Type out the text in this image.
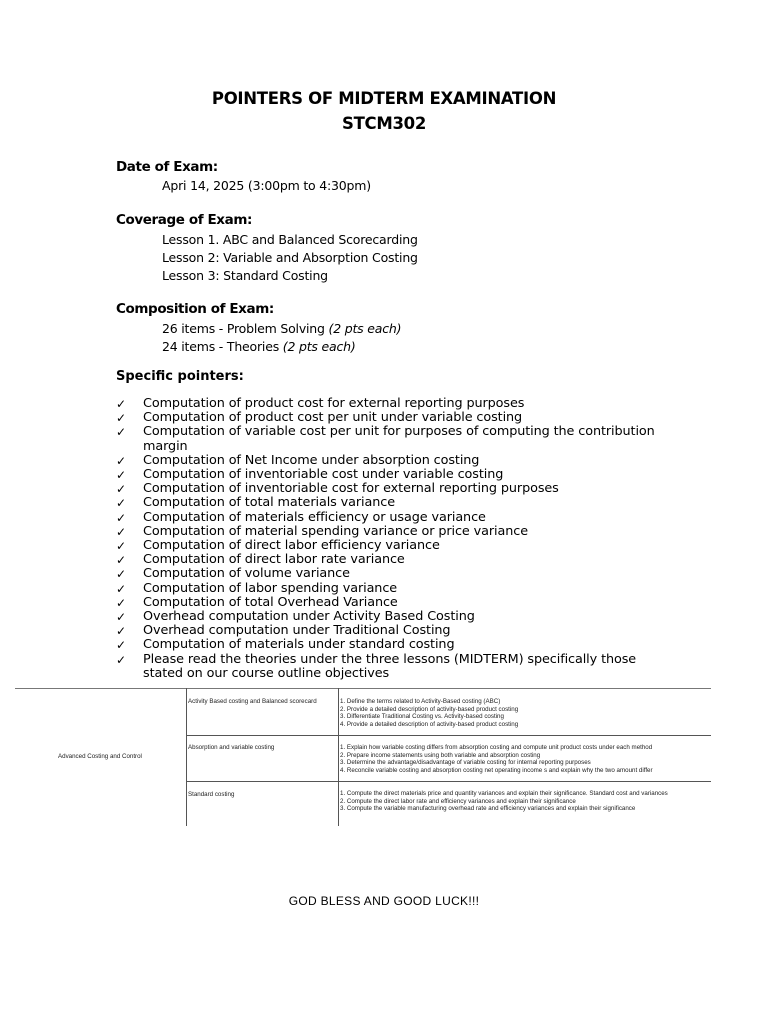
POINTERS OF MIDTERM EXAMINATION
STCM302
Date of Exam:
Apri 14, 2025 (3:00pm to 4:30pm)
Coverage of Exam:
Lesson 1. ABC and Balanced Scorecarding
Lesson 2: Variable and Absorption Costing
Lesson 3: Standard Costing
Composition of Exam:
26 items - Problem Solving (2 pts each)
24 items - Theories (2 pts each)
Specific pointers:
✓ Computation of product cost for external reporting purposes
✓ Computation of product cost per unit under variable costing
✓ Computation of variable cost per unit for purposes of computing the contribution margin
✓ Computation of Net Income under absorption costing
✓ Computation of inventoriable cost under variable costing
✓ Computation of inventoriable cost for external reporting purposes
✓ Computation of total materials variance
✓ Computation of materials efficiency or usage variance
✓ Computation of material spending variance or price variance
✓ Computation of direct labor efficiency variance
✓ Computation of direct labor rate variance
✓ Computation of volume variance
✓ Computation of labor spending variance
✓ Computation of total Overhead Variance
✓ Overhead computation under Activity Based Costing
✓ Overhead computation under Traditional Costing
✓ Computation of materials under standard costing
✓ Please read the theories under the three lessons (MIDTERM) specifically those stated on our course outline objectives
Advanced Costing and Control
Activity Based costing and Balanced scorecard
Absorption and variable costing
Standard costing
1. Define the terms related to Activity-Based costing (ABC)
2. Provide a detailed description of activity-based product costing
3. Differentiate Traditional Costing vs. Activity-based costing
4. Provide a detailed description of activity-based product costing
1. Explain how variable costing differs from absorption costing and compute unit product costs under each method
2. Prepare income statements using both variable and absorption costing
3. Determine the advantage/disadvantage of variable costing for internal reporting purposes
4. Reconcile variable costing and absorption costing net operating income s and explain why the two amount differ
1. Compute the direct materials price and quantity variances and explain their significance. Standard cost and variances
2. Compute the direct labor rate and efficiency variances and explain their significance
3. Compute the variable manufacturing overhead rate and efficiency variances and explain their significance
GOD BLESS AND GOOD LUCK!!!
